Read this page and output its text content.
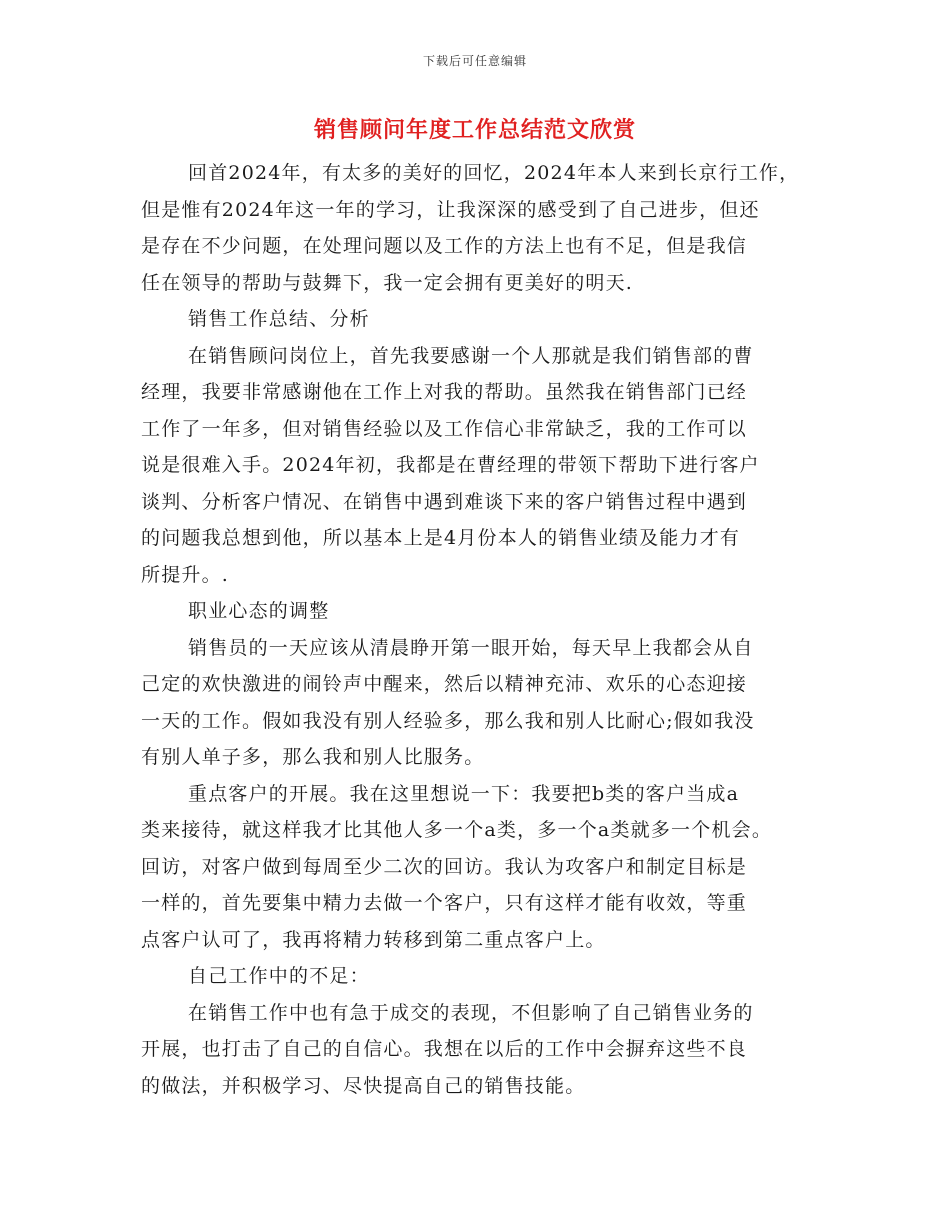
下载后可任意编辑
销售顾问年度工作总结范文欣赏
回首2024年，有太多的美好的回忆，2024年本人来到长京行工作，
但是惟有2024年这一年的学习，让我深深的感受到了自己进步，但还
是存在不少问题，在处理问题以及工作的方法上也有不足，但是我信
任在领导的帮助与鼓舞下，我一定会拥有更美好的明天.
销售工作总结、分析
在销售顾问岗位上，首先我要感谢一个人那就是我们销售部的曹
经理，我要非常感谢他在工作上对我的帮助。虽然我在销售部门已经
工作了一年多，但对销售经验以及工作信心非常缺乏，我的工作可以
说是很难入手。2024年初，我都是在曹经理的带领下帮助下进行客户
谈判、分析客户情况、在销售中遇到难谈下来的客户销售过程中遇到
的问题我总想到他，所以基本上是4月份本人的销售业绩及能力才有
所提升。.
职业心态的调整
销售员的一天应该从清晨睁开第一眼开始，每天早上我都会从自
己定的欢快激进的闹铃声中醒来，然后以精神充沛、欢乐的心态迎接
一天的工作。假如我没有别人经验多，那么我和别人比耐心;假如我没
有别人单子多，那么我和别人比服务。
重点客户的开展。我在这里想说一下：我要把b类的客户当成a
类来接待，就这样我才比其他人多一个a类，多一个a类就多一个机会。
回访，对客户做到每周至少二次的回访。我认为攻客户和制定目标是
一样的，首先要集中精力去做一个客户，只有这样才能有收效，等重
点客户认可了，我再将精力转移到第二重点客户上。
自己工作中的不足：
在销售工作中也有急于成交的表现，不但影响了自己销售业务的
开展，也打击了自己的自信心。我想在以后的工作中会摒弃这些不良
的做法，并积极学习、尽快提高自己的销售技能。
